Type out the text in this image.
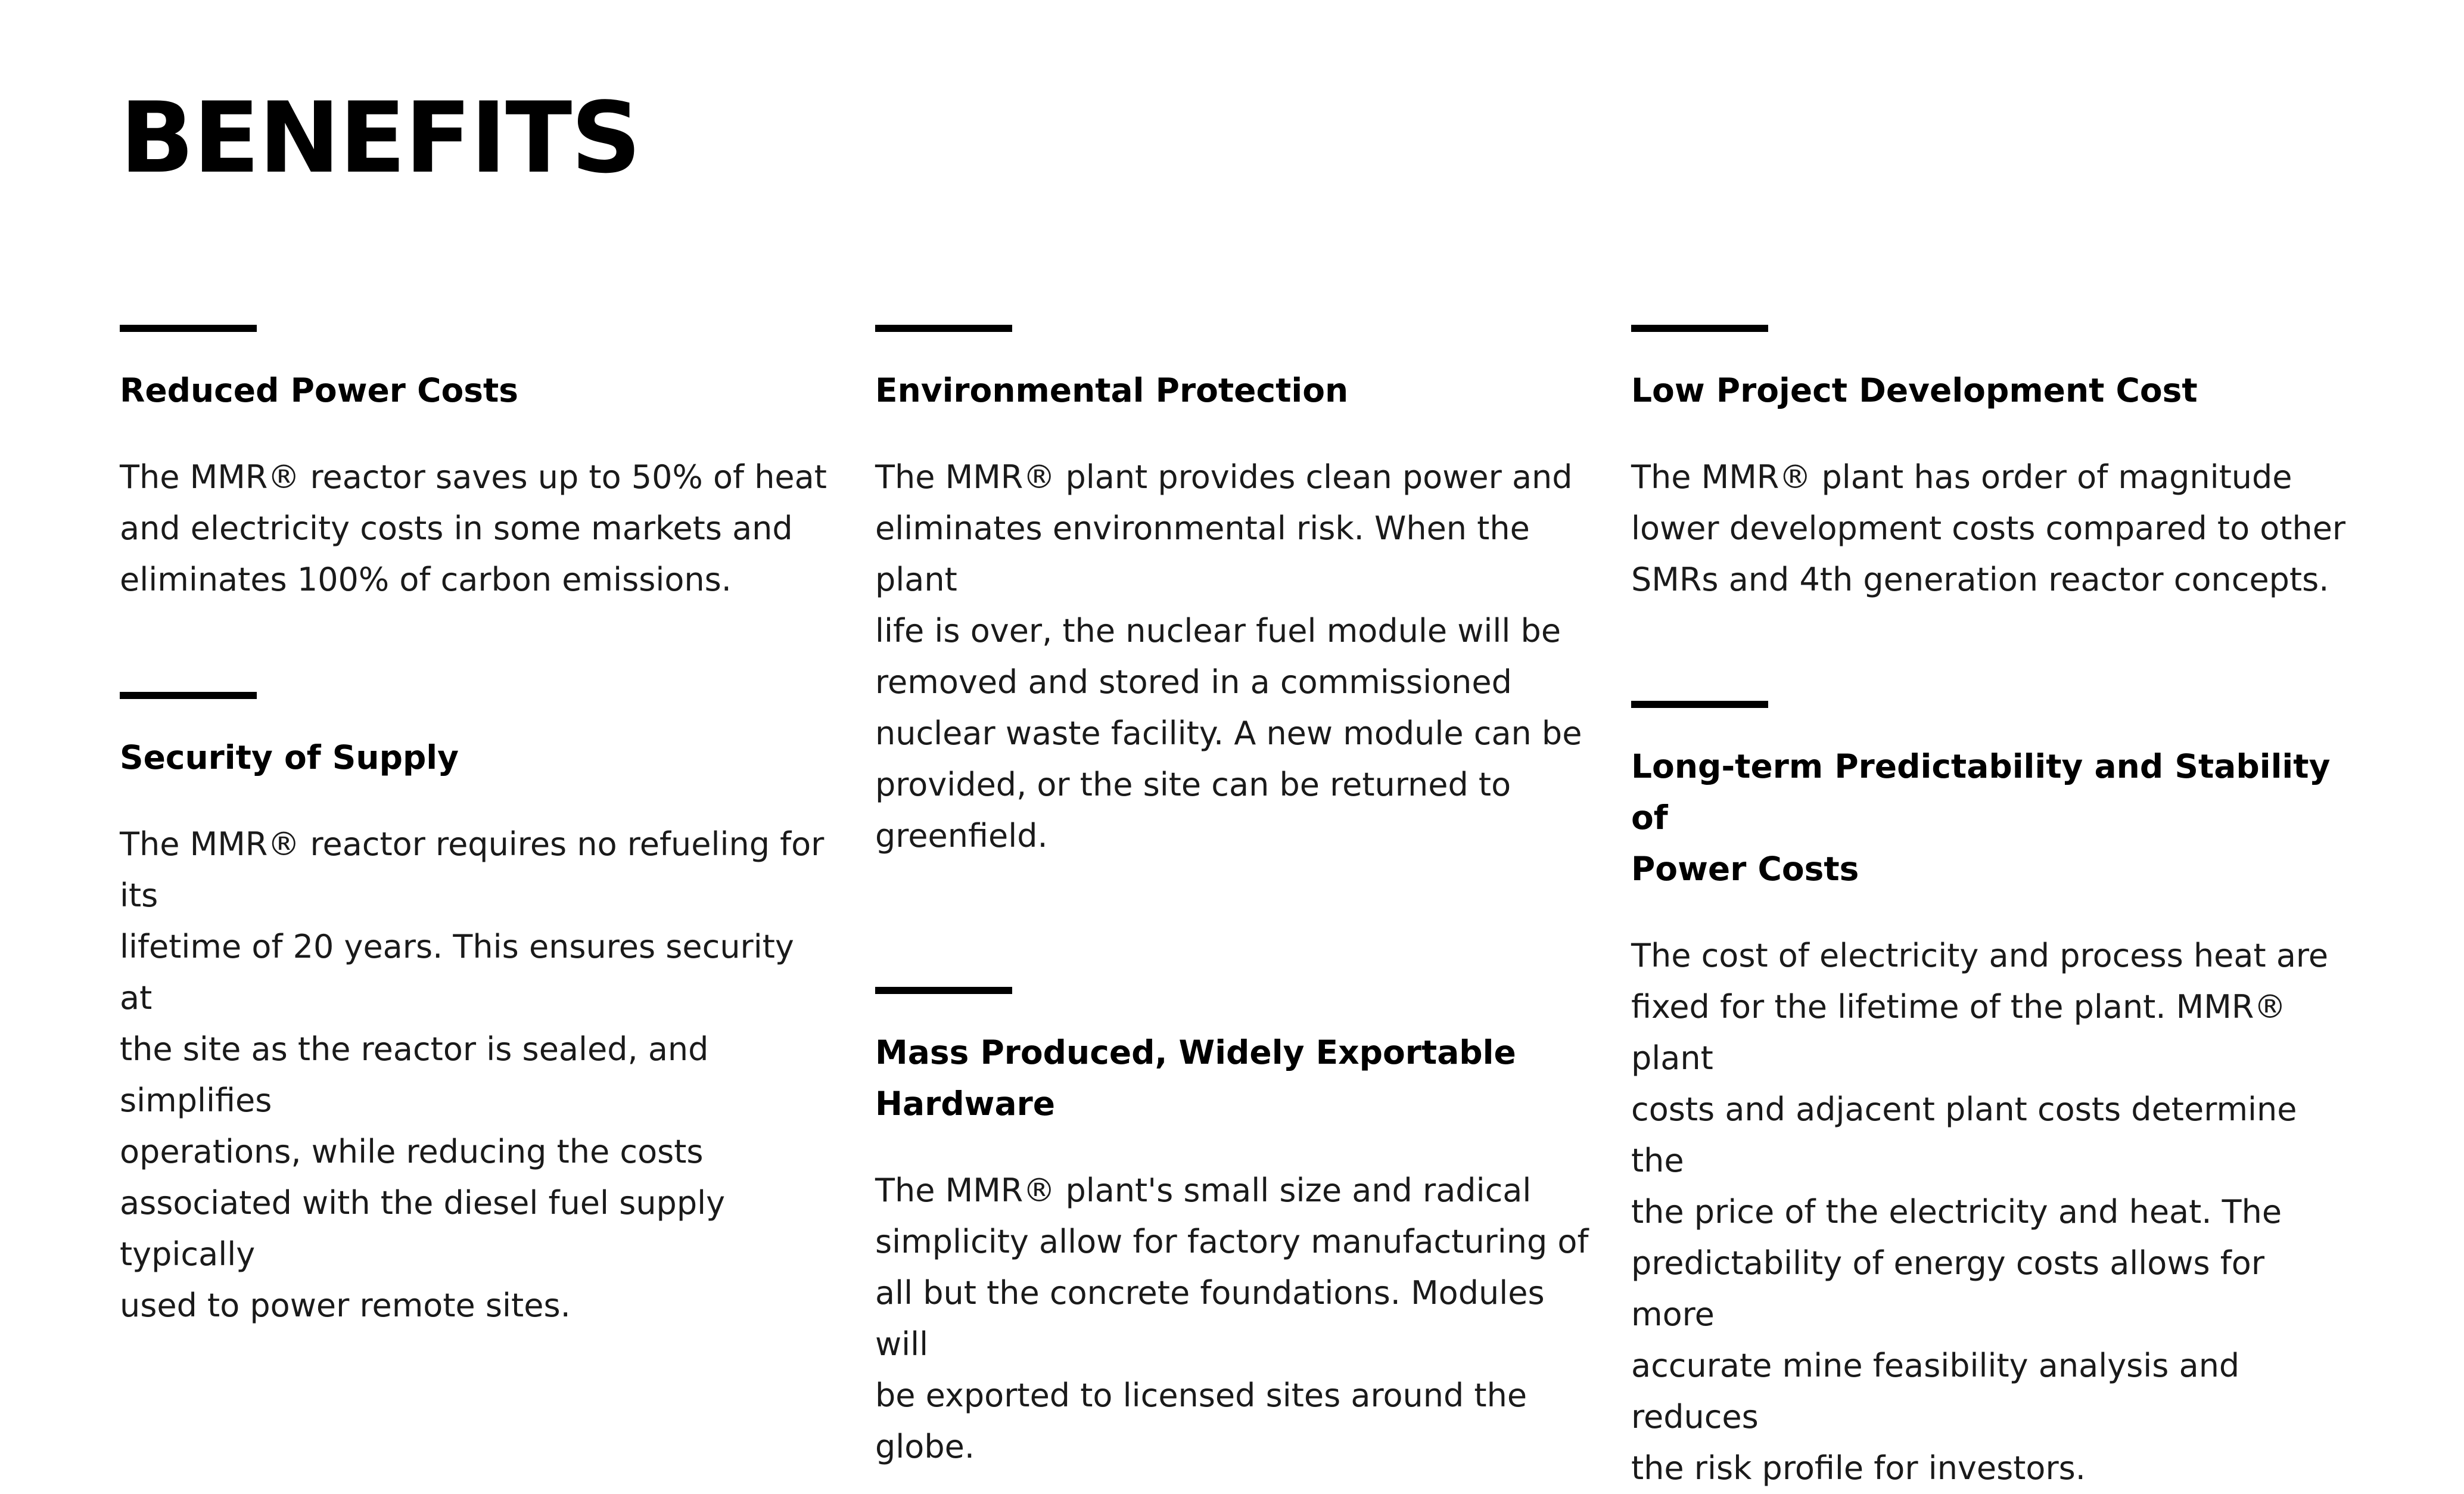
BENEFITS
Reduced Power Costs

The MMR® reactor saves up to 50% of heat
and electricity costs in some markets and
eliminates 100% of carbon emissions.

Security of Supply

The MMR® reactor requires no refueling for its
lifetime of 20 years. This ensures security at
the site as the reactor is sealed, and simplifies
operations, while reducing the costs
associated with the diesel fuel supply typically
used to power remote sites.

Environmental Protection

The MMR® plant provides clean power and
eliminates environmental risk. When the plant
life is over, the nuclear fuel module will be
removed and stored in a commissioned
nuclear waste facility. A new module can be
provided, or the site can be returned to
greenfield.

Mass Produced, Widely Exportable
Hardware

The MMR® plant's small size and radical
simplicity allow for factory manufacturing of
all but the concrete foundations. Modules will
be exported to licensed sites around the
globe.

Low Project Development Cost

The MMR® plant has order of magnitude
lower development costs compared to other
SMRs and 4th generation reactor concepts.

Long-term Predictability and Stability of
Power Costs

The cost of electricity and process heat are
fixed for the lifetime of the plant. MMR® plant
costs and adjacent plant costs determine the
the price of the electricity and heat. The
predictability of energy costs allows for more
accurate mine feasibility analysis and reduces
the risk profile for investors.
